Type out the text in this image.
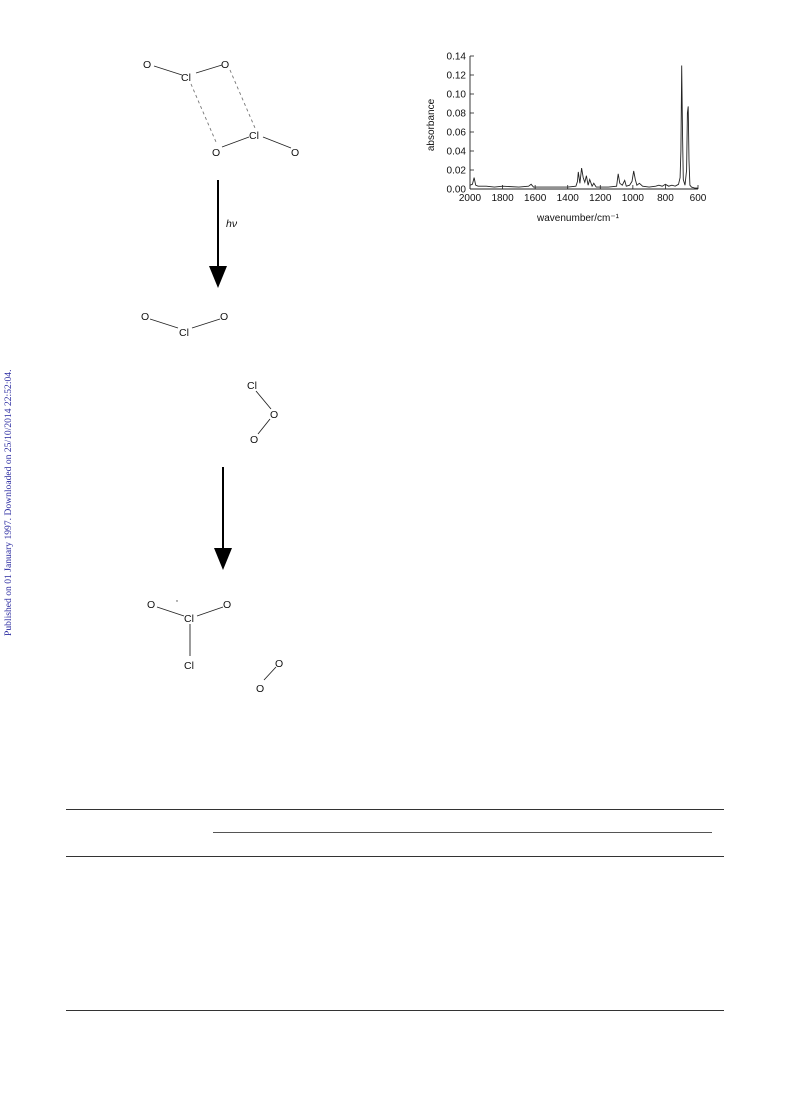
Published on 01 January 1997. Downloaded on 25/10/2014 22:52:04.
O
Cl
O
Cl
O	O
hν
O
Cl
O
Cl
O
O
O
Cl
O
Cl	O
O
0.00
0.02
0.04
0.06
0.08
0.10
0.12
0.14
2000 1800 1600 1400 1200 1000 800 600
wavenumber/cm⁻¹
absorbance
